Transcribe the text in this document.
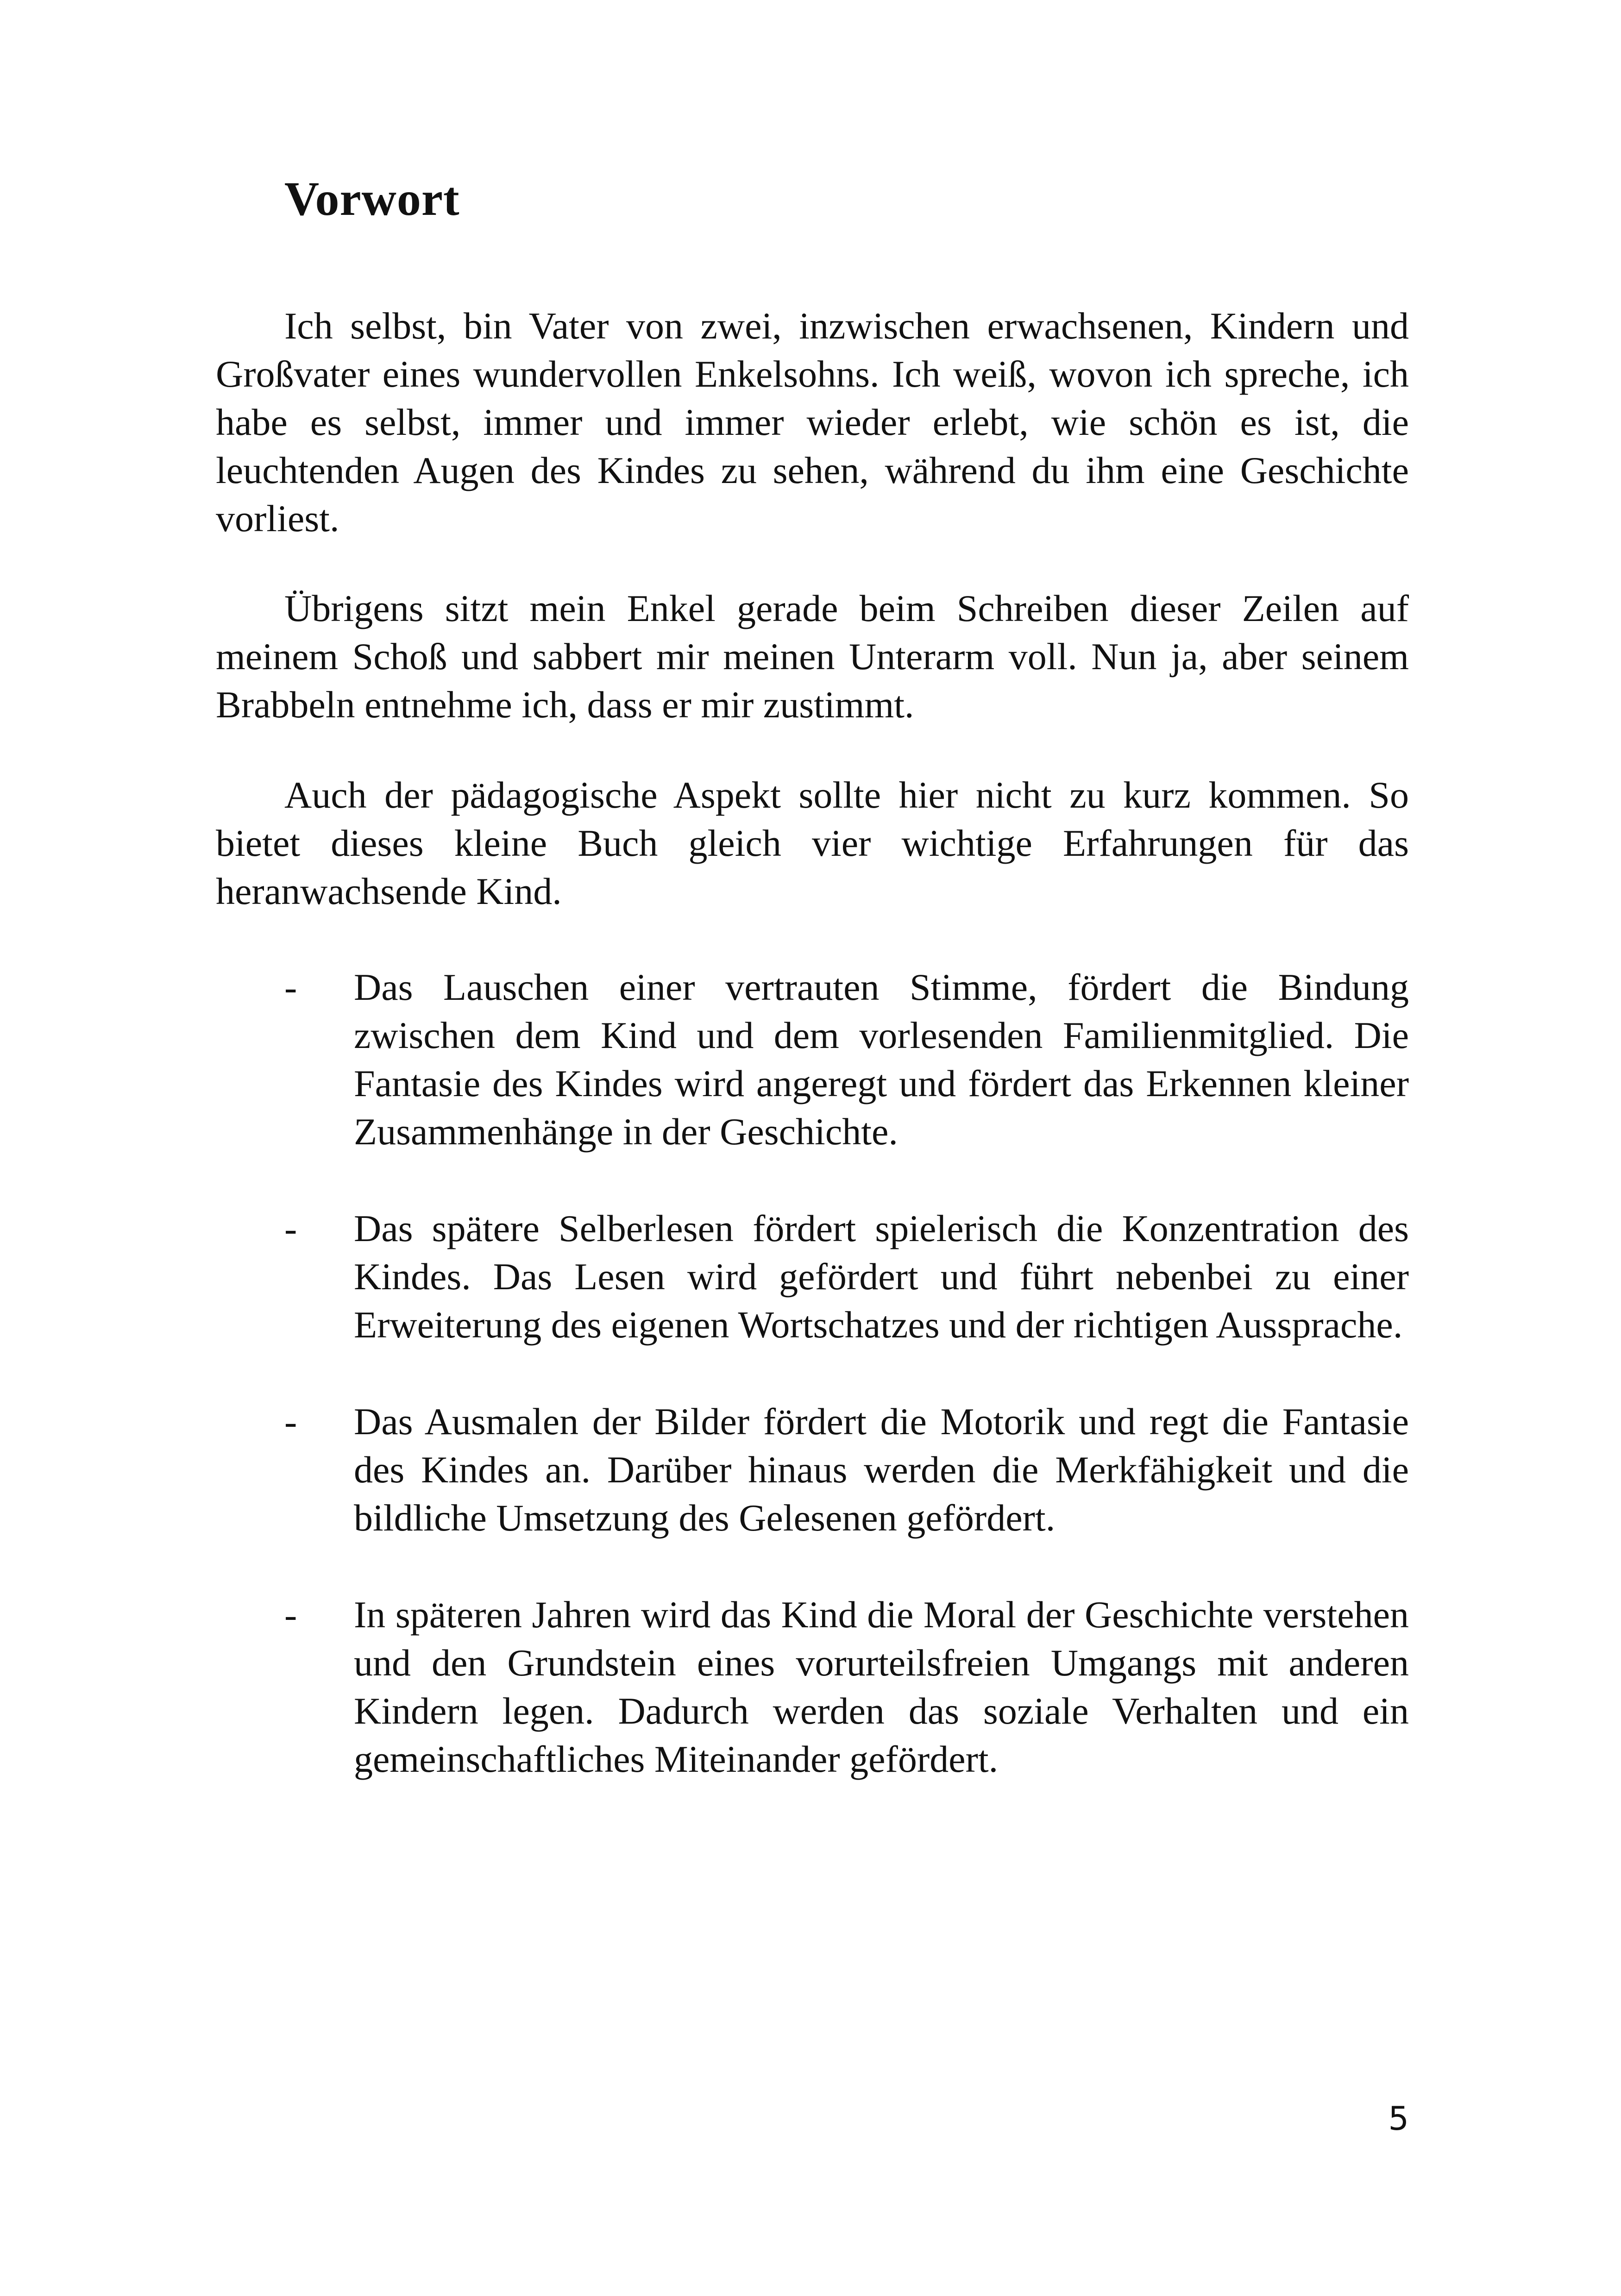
Vorwort

Ich selbst, bin Vater von zwei, inzwischen erwachsenen, Kindern und Großvater eines wundervollen Enkelsohns. Ich weiß, wovon ich spreche, ich habe es selbst, immer und immer wieder erlebt, wie schön es ist, die leuchtenden Augen des Kindes zu sehen, während du ihm eine Geschichte vorliest.

Übrigens sitzt mein Enkel gerade beim Schreiben dieser Zeilen auf meinem Schoß und sabbert mir meinen Unterarm voll. Nun ja, aber seinem Brabbeln entnehme ich, dass er mir zustimmt.

Auch der pädagogische Aspekt sollte hier nicht zu kurz kommen. So bietet dieses kleine Buch gleich vier wichtige Erfahrungen für das heranwachsende Kind.

- Das Lauschen einer vertrauten Stimme, fördert die Bindung zwischen dem Kind und dem vorlesenden Familienmitglied. Die Fantasie des Kindes wird angeregt und fördert das Erkennen kleiner Zusammenhänge in der Geschichte.
- Das spätere Selberlesen fördert spielerisch die Konzentration des Kindes. Das Lesen wird gefördert und führt nebenbei zu einer Erweiterung des eigenen Wortschatzes und der richtigen Aussprache.
- Das Ausmalen der Bilder fördert die Motorik und regt die Fantasie des Kindes an. Darüber hinaus werden die Merkfähigkeit und die bildliche Umsetzung des Gelesenen gefördert.
- In späteren Jahren wird das Kind die Moral der Geschichte verstehen und den Grundstein eines vorurteilsfreien Umgangs mit anderen Kindern legen. Dadurch werden das soziale Verhalten und ein gemeinschaftliches Miteinander gefördert.
5
